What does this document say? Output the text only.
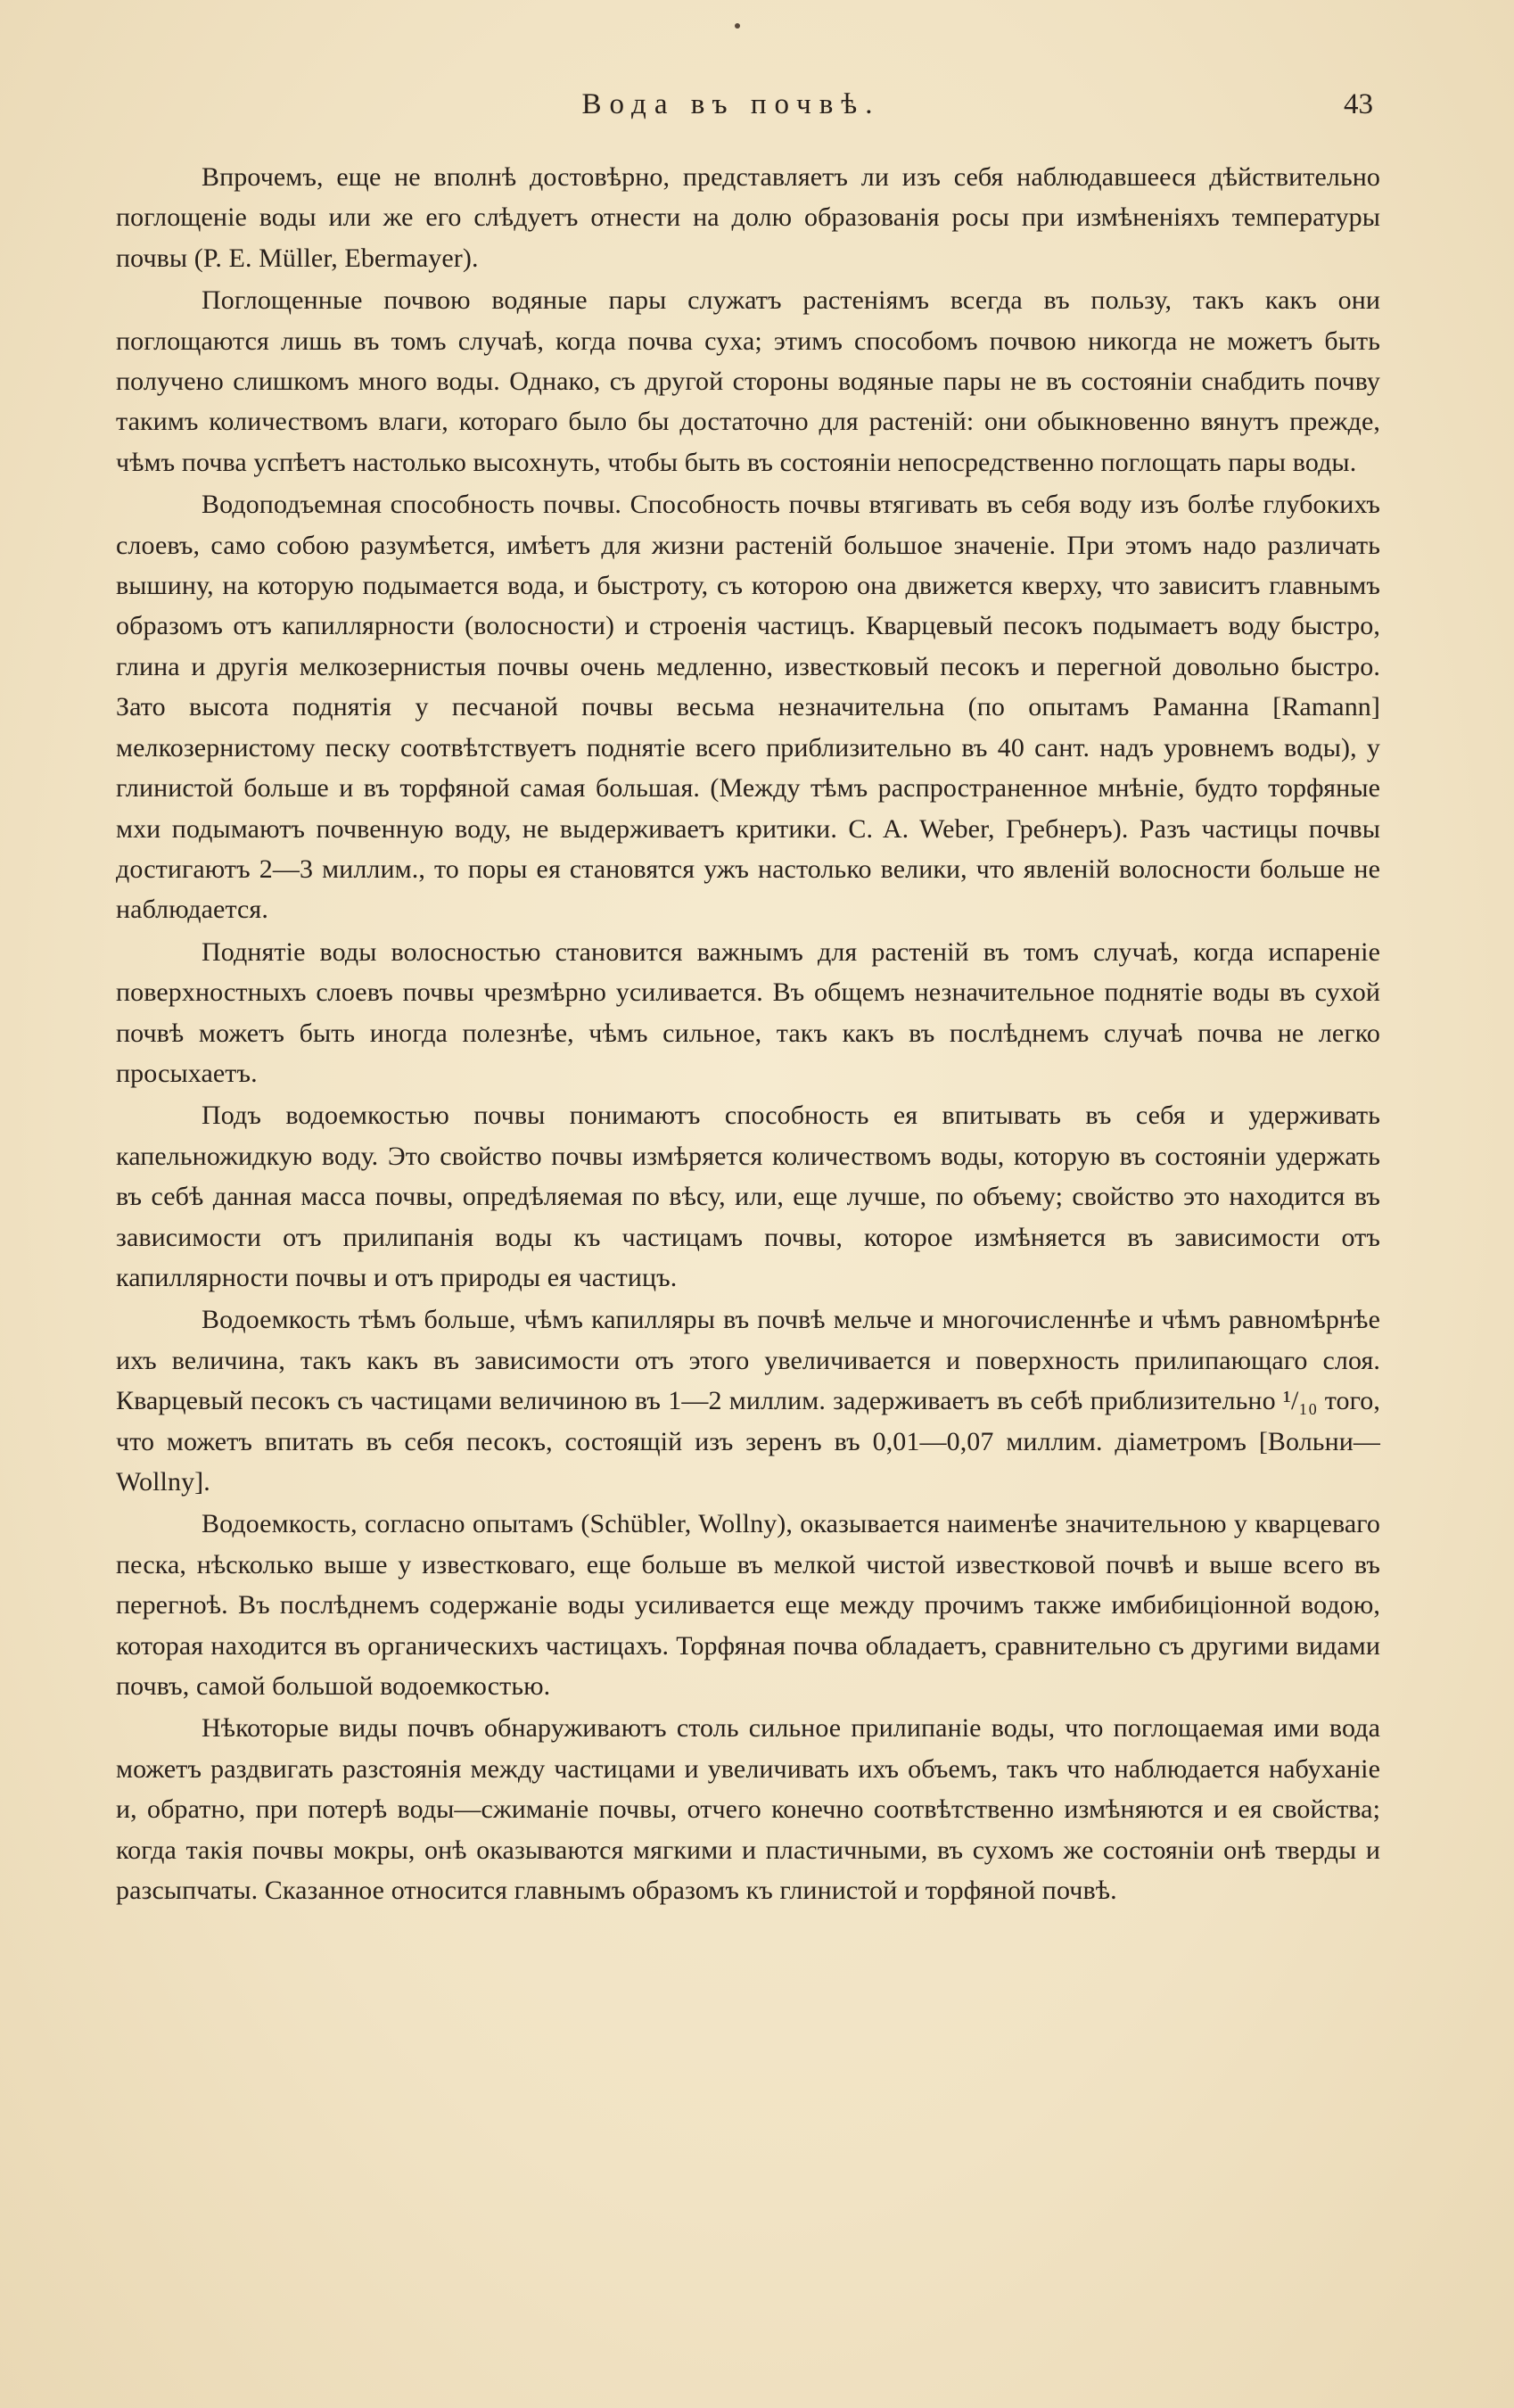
Вода въ почвѣ.	43

Впрочемъ, еще не вполнѣ достовѣрно, представляетъ ли изъ себя наблюдавшееся дѣйствительно поглощеніе воды или же его слѣдуетъ отнести на долю образованія росы при измѣненіяхъ температуры почвы (P. E. Müller, Ebermayer).

Поглощенные почвою водяные пары служатъ растеніямъ всегда въ пользу, такъ какъ они поглощаются лишь въ томъ случаѣ, когда почва суха; этимъ способомъ почвою никогда не можетъ быть получено слишкомъ много воды. Однако, съ другой стороны водяные пары не въ состояніи снабдить почву такимъ количествомъ влаги, котораго было бы достаточно для растеній: они обыкновенно вянутъ прежде, чѣмъ почва успѣетъ настолько высохнуть, чтобы быть въ состояніи непосредственно поглощать пары воды.

Водоподъемная способность почвы. Способность почвы втягивать въ себя воду изъ болѣе глубокихъ слоевъ, само собою разумѣется, имѣетъ для жизни растеній большое значеніе. При этомъ надо различать вышину, на которую подымается вода, и быстроту, съ которою она движется кверху, что зависитъ главнымъ образомъ отъ капиллярности (волосности) и строенія частицъ. Кварцевый песокъ подымаетъ воду быстро, глина и другія мелкозернистыя почвы очень медленно, известковый песокъ и перегной довольно быстро. Зато высота поднятія у песчаной почвы весьма незначительна (по опытамъ Раманна [Ramann] мелкозернистому песку соотвѣтствуетъ поднятіе всего приблизительно въ 40 сант. надъ уровнемъ воды), у глинистой больше и въ торфяной самая большая. (Между тѣмъ распространенное мнѣніе, будто торфяные мхи подымаютъ почвенную воду, не выдерживаетъ критики. C. A. Weber, Гребнеръ). Разъ частицы почвы достигаютъ 2—3 миллим., то поры ея становятся ужъ настолько велики, что явленій волосности больше не наблюдается.

Поднятіе воды волосностью становится важнымъ для растеній въ томъ случаѣ, когда испареніе поверхностныхъ слоевъ почвы чрезмѣрно усиливается. Въ общемъ незначительное поднятіе воды въ сухой почвѣ можетъ быть иногда полезнѣе, чѣмъ сильное, такъ какъ въ послѣднемъ случаѣ почва не легко просыхаетъ.

Подъ водоемкостью почвы понимаютъ способность ея впитывать въ себя и удерживать капельножидкую воду. Это свойство почвы измѣряется количествомъ воды, которую въ состояніи удержать въ себѣ данная масса почвы, опредѣляемая по вѣсу, или, еще лучше, по объему; свойство это находится въ зависимости отъ прилипанія воды къ частицамъ почвы, которое измѣняется въ зависимости отъ капиллярности почвы и отъ природы ея частицъ.

Водоемкость тѣмъ больше, чѣмъ капилляры въ почвѣ мельче и многочисленнѣе и чѣмъ равномѣрнѣе ихъ величина, такъ какъ въ зависимости отъ этого увеличивается и поверхность прилипающаго слоя. Кварцевый песокъ съ частицами величиною въ 1—2 миллим. задерживаетъ въ себѣ приблизительно ¹/₁₀ того, что можетъ впитать въ себя песокъ, состоящій изъ зеренъ въ 0,01—0,07 миллим. діаметромъ [Вольни—Wollny].

Водоемкость, согласно опытамъ (Schübler, Wollny), оказывается наименѣе значительною у кварцеваго песка, нѣсколько выше у известковаго, еще больше въ мелкой чистой известковой почвѣ и выше всего въ перегноѣ. Въ послѣднемъ содержаніе воды усиливается еще между прочимъ также имбибиціонной водою, которая находится въ органическихъ частицахъ. Торфяная почва обладаетъ, сравнительно съ другими видами почвъ, самой большой водоемкостью.

Нѣкоторые виды почвъ обнаруживаютъ столь сильное прилипаніе воды, что поглощаемая ими вода можетъ раздвигать разстоянія между частицами и увеличивать ихъ объемъ, такъ что наблюдается набуханіе и, обратно, при потерѣ воды—сжиманіе почвы, отчего конечно соотвѣтственно измѣняются и ея свойства; когда такія почвы мокры, онѣ оказываются мягкими и пластичными, въ сухомъ же состояніи онѣ тверды и разсыпчаты. Сказанное относится главнымъ образомъ къ глинистой и торфяной почвѣ.
